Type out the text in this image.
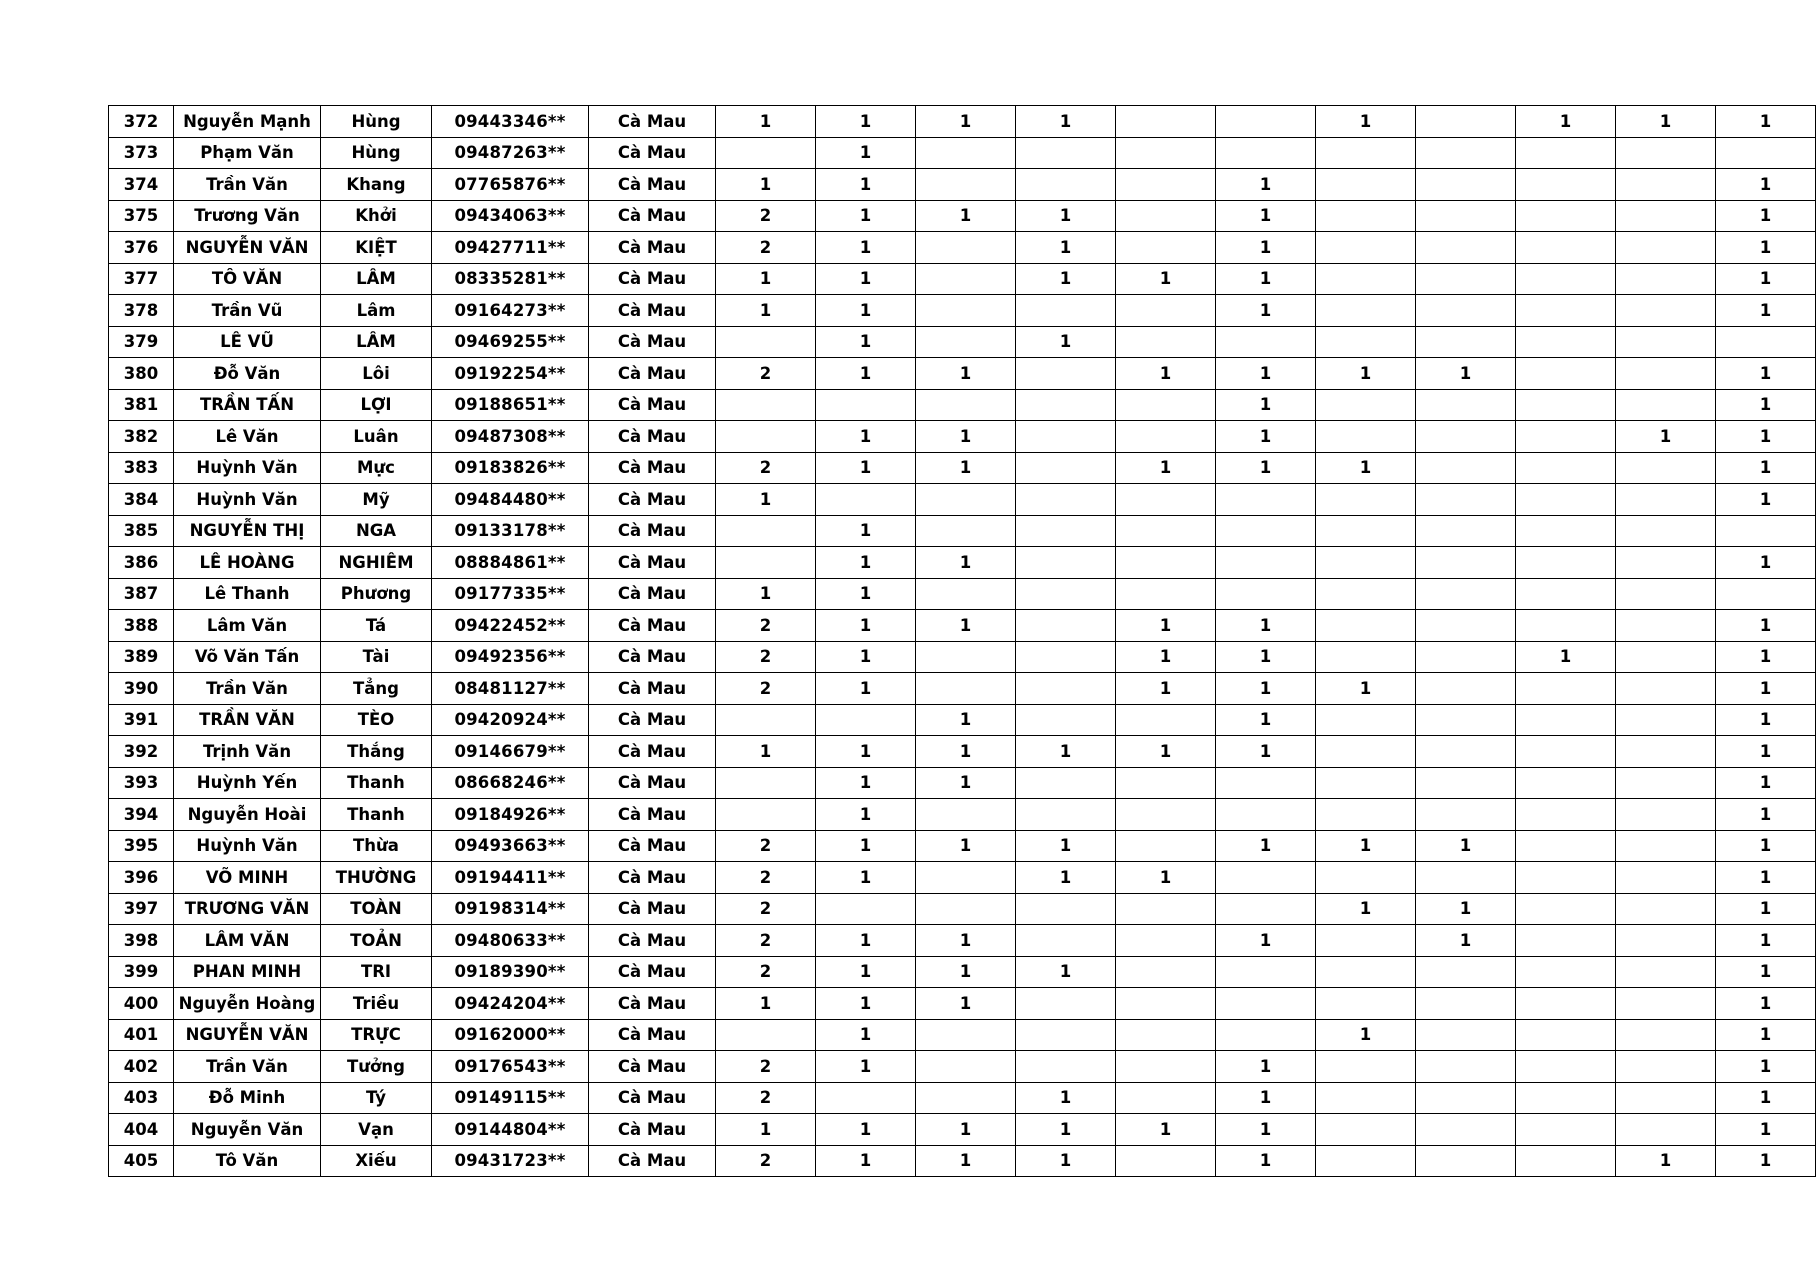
372	Nguyễn Mạnh	Hùng	09443346**	Cà Mau	1	1	1	1			1		1	1	1
373	Phạm Văn	Hùng	09487263**	Cà Mau		1									
374	Trần Văn	Khang	07765876**	Cà Mau	1	1				1					1
375	Trương Văn	Khởi	09434063**	Cà Mau	2	1	1	1		1					1
376	NGUYỄN VĂN	KIỆT	09427711**	Cà Mau	2	1		1		1					1
377	TÔ VĂN	LÂM	08335281**	Cà Mau	1	1		1	1	1					1
378	Trần Vũ	Lâm	09164273**	Cà Mau	1	1				1					1
379	LÊ VŨ	LÂM	09469255**	Cà Mau		1		1							
380	Đỗ Văn	Lôi	09192254**	Cà Mau	2	1	1		1	1	1	1			1
381	TRẦN TẤN	LỢI	09188651**	Cà Mau						1					1
382	Lê Văn	Luân	09487308**	Cà Mau		1	1			1				1	1
383	Huỳnh Văn	Mực	09183826**	Cà Mau	2	1	1		1	1	1				1
384	Huỳnh Văn	Mỹ	09484480**	Cà Mau	1										1
385	NGUYỄN THỊ	NGA	09133178**	Cà Mau		1									
386	LÊ HOÀNG	NGHIÊM	08884861**	Cà Mau		1	1								1
387	Lê Thanh	Phương	09177335**	Cà Mau	1	1									
388	Lâm Văn	Tá	09422452**	Cà Mau	2	1	1		1	1					1
389	Võ Văn Tấn	Tài	09492356**	Cà Mau	2	1			1	1			1		1
390	Trần Văn	Tẳng	08481127**	Cà Mau	2	1			1	1	1				1
391	TRẦN VĂN	TÈO	09420924**	Cà Mau			1			1					1
392	Trịnh Văn	Thắng	09146679**	Cà Mau	1	1	1	1	1	1					1
393	Huỳnh Yến	Thanh	08668246**	Cà Mau		1	1								1
394	Nguyễn Hoài	Thanh	09184926**	Cà Mau		1									1
395	Huỳnh Văn	Thừa	09493663**	Cà Mau	2	1	1	1		1	1	1			1
396	VÕ MINH	THƯỜNG	09194411**	Cà Mau	2	1		1	1						1
397	TRƯƠNG VĂN	TOÀN	09198314**	Cà Mau	2						1	1			1
398	LÂM VĂN	TOẢN	09480633**	Cà Mau	2	1	1			1		1			1
399	PHAN MINH	TRI	09189390**	Cà Mau	2	1	1	1							1
400	Nguyễn Hoàng	Triều	09424204**	Cà Mau	1	1	1								1
401	NGUYỄN VĂN	TRỰC	09162000**	Cà Mau		1					1				1
402	Trần Văn	Tưởng	09176543**	Cà Mau	2	1				1					1
403	Đỗ Minh	Tý	09149115**	Cà Mau	2			1		1					1
404	Nguyễn Văn	Vạn	09144804**	Cà Mau	1	1	1	1	1	1					1
405	Tô Văn	Xiếu	09431723**	Cà Mau	2	1	1	1		1				1	1
